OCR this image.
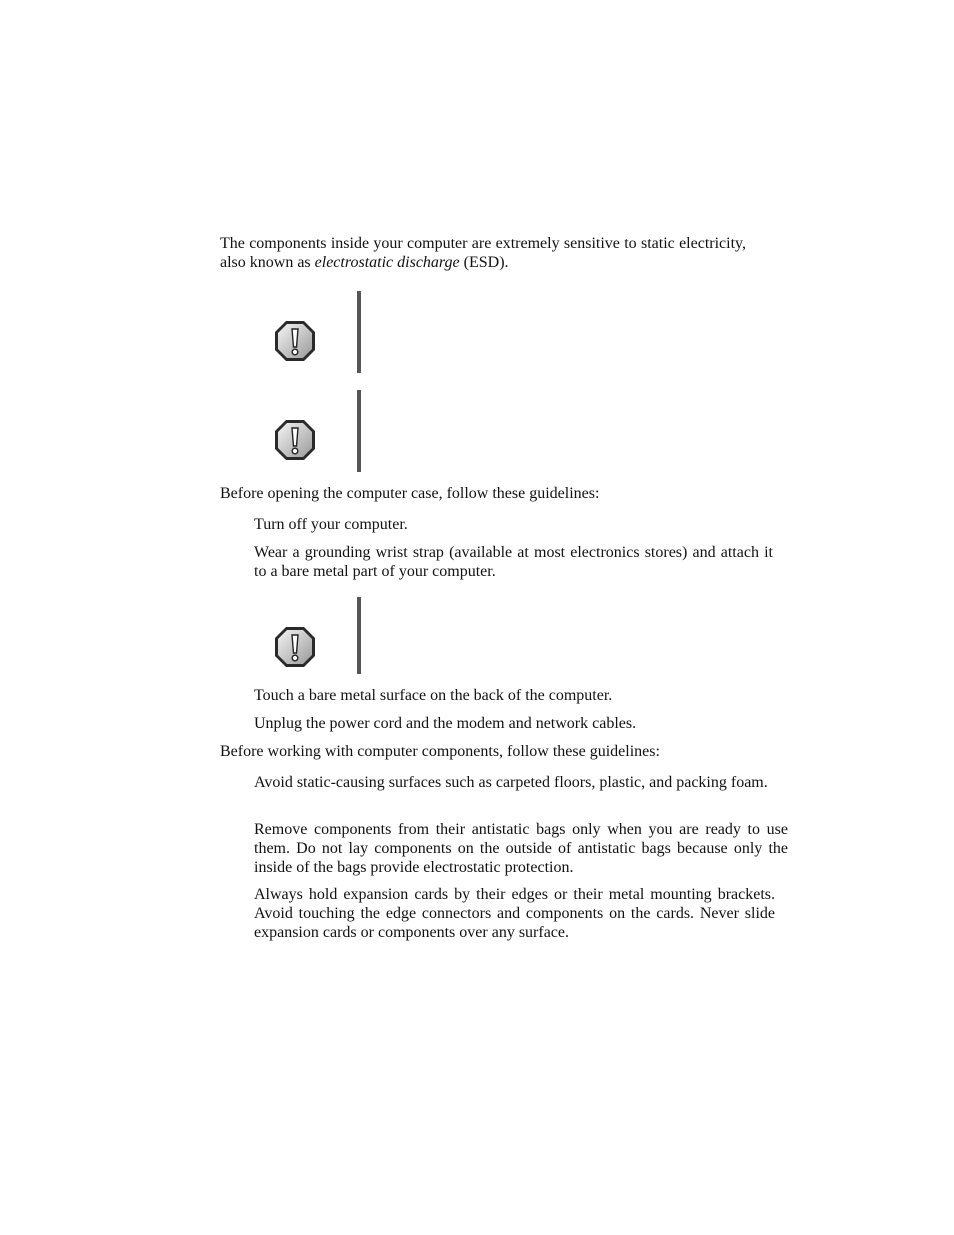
The components inside your computer are extremely sensitive to static electricity, also known as electrostatic discharge (ESD).

Before opening the computer case, follow these guidelines:

Turn off your computer.

Wear a grounding wrist strap (available at most electronics stores) and attach it to a bare metal part of your computer.

Touch a bare metal surface on the back of the computer.

Unplug the power cord and the modem and network cables.

Before working with computer components, follow these guidelines:

Avoid static-causing surfaces such as carpeted floors, plastic, and packing foam.

Remove components from their antistatic bags only when you are ready to use them. Do not lay components on the outside of antistatic bags because only the inside of the bags provide electrostatic protection.

Always hold expansion cards by their edges or their metal mounting brackets. Avoid touching the edge connectors and components on the cards. Never slide expansion cards or components over any surface.
